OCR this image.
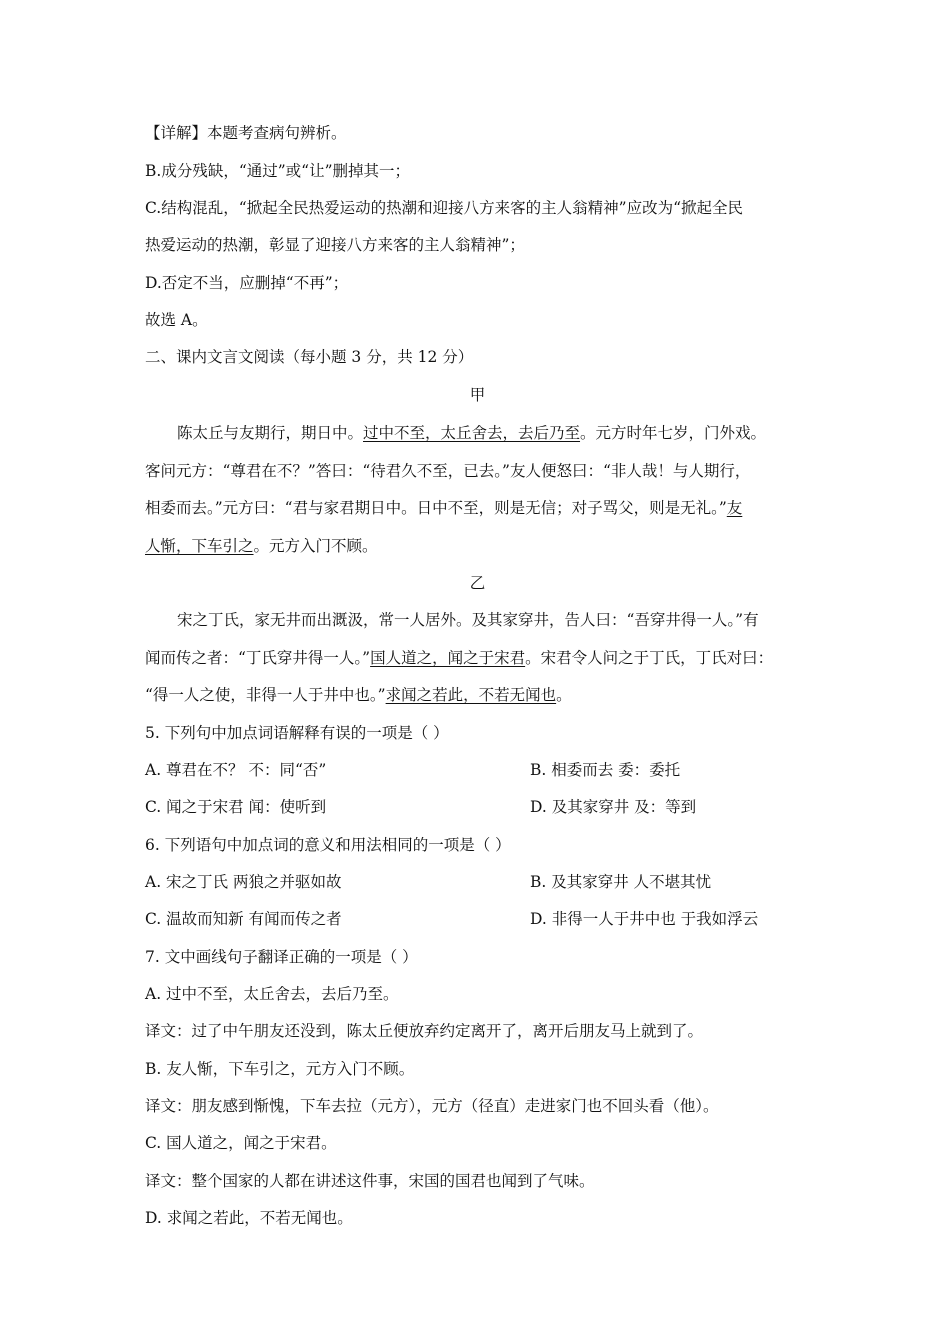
【详解】本题考查病句辨析。
B.成分残缺，“通过”或“让”删掉其一；
C.结构混乱，“掀起全民热爱运动的热潮和迎接八方来客的主人翁精神”应改为“掀起全民
热爱运动的热潮，彰显了迎接八方来客的主人翁精神”；
D.否定不当，应删掉“不再”；
故选 A。
二、课内文言文阅读（每小题 3 分，共 12 分）
甲
陈太丘与友期行，期日中。过中不至，太丘舍去，去后乃至。元方时年七岁，门外戏。
客问元方：“尊君在不？”答曰：“待君久不至，已去。”友人便怒曰：“非人哉！与人期行，
相委而去。”元方曰：“君与家君期日中。日中不至，则是无信；对子骂父，则是无礼。”友
人惭，下车引之。元方入门不顾。
乙
宋之丁氏，家无井而出溉汲，常一人居外。及其家穿井，告人曰：“吾穿井得一人。”有
闻而传之者：“丁氏穿井得一人。”国人道之，闻之于宋君。宋君令人问之于丁氏，丁氏对曰：
“得一人之使，非得一人于井中也。”求闻之若此，不若无闻也。
5. 下列句中加点词语解释有误的一项是（ ）
A. 尊君在不？ 不：同“否”	B. 相委而去 委：委托
C. 闻之于宋君 闻：使听到	D. 及其家穿井 及：等到
6. 下列语句中加点词的意义和用法相同的一项是（ ）
A. 宋之丁氏 两狼之并驱如故	B. 及其家穿井 人不堪其忧
C. 温故而知新 有闻而传之者	D. 非得一人于井中也 于我如浮云
7. 文中画线句子翻译正确的一项是（ ）
A. 过中不至，太丘舍去，去后乃至。
译文：过了中午朋友还没到，陈太丘便放弃约定离开了，离开后朋友马上就到了。
B. 友人惭，下车引之，元方入门不顾。
译文：朋友感到惭愧，下车去拉（元方），元方（径直）走进家门也不回头看（他）。
C. 国人道之，闻之于宋君。
译文：整个国家的人都在讲述这件事，宋国的国君也闻到了气味。
D. 求闻之若此，不若无闻也。
